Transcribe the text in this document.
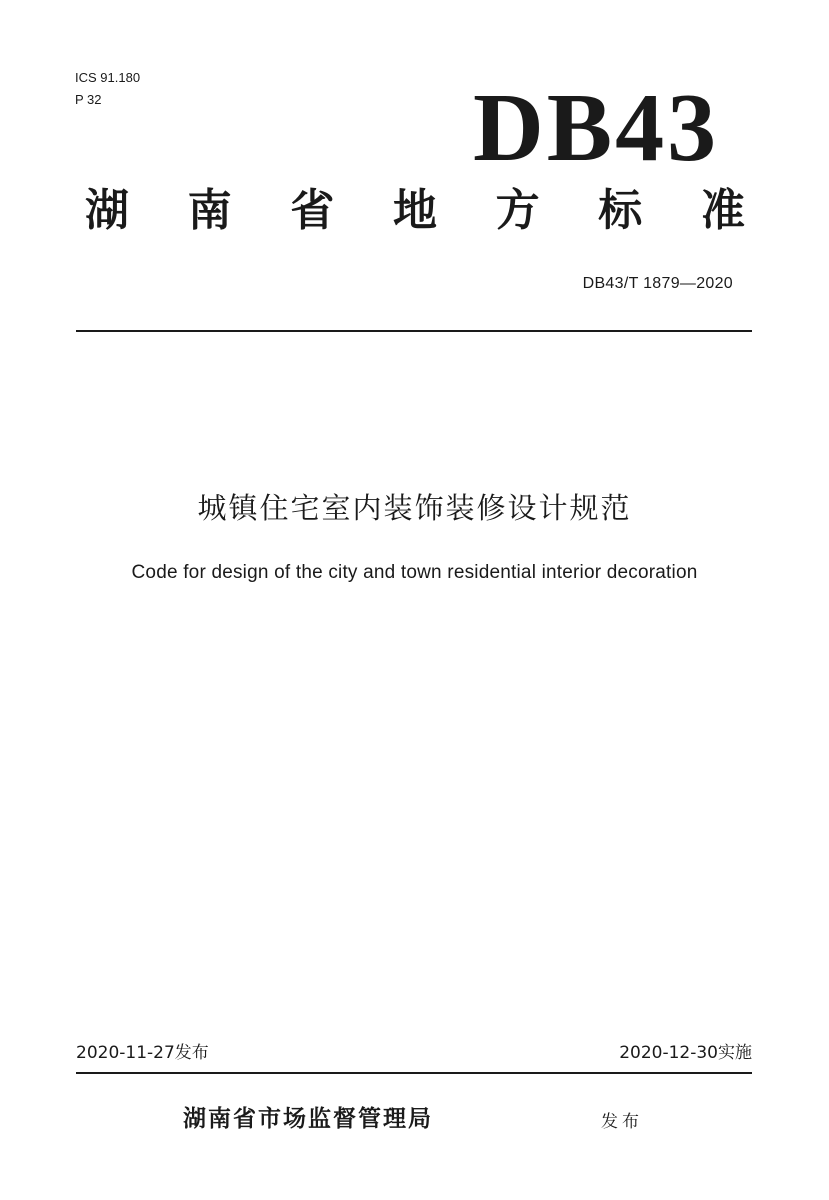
ICS 91.180
P 32	DB43
湖 南 省 地 方 标 准
DB43/T 1879—2020
城镇住宅室内装饰装修设计规范
Code for design of the city and town residential interior decoration
2020-11-27发布	2020-12-30实施
湖南省市场监督管理局	发布
